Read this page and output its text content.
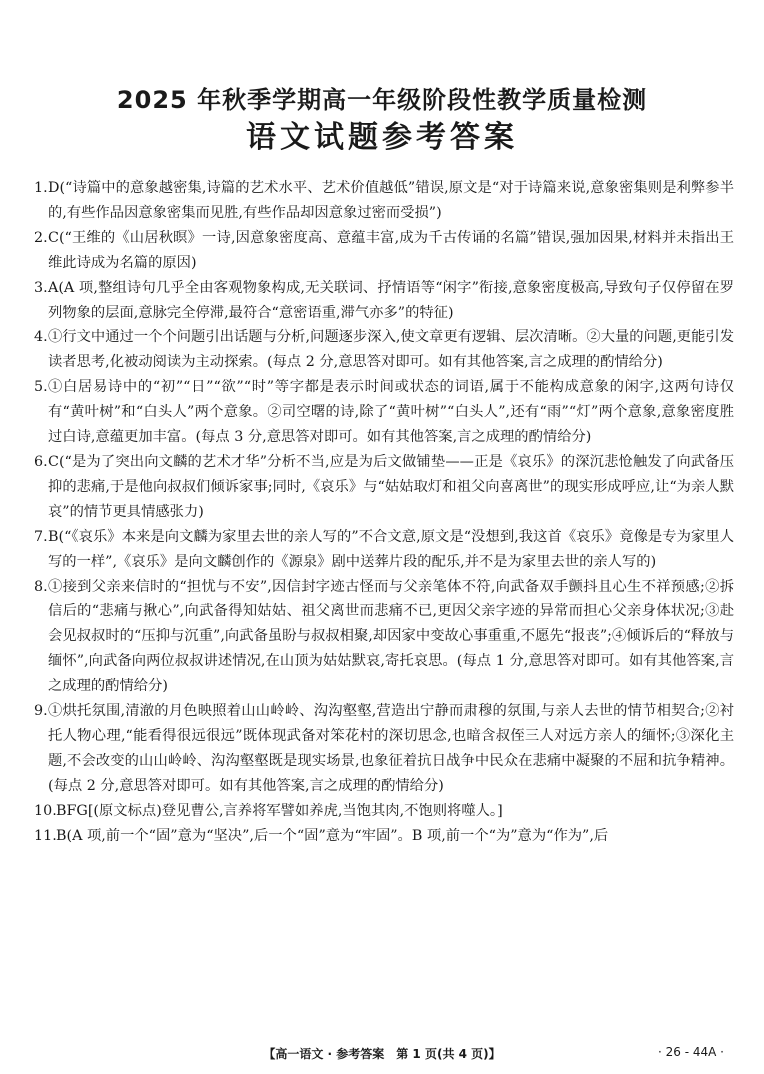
2025 年秋季学期高一年级阶段性教学质量检测
语文试题参考答案
1. D(“诗篇中的意象越密集,诗篇的艺术水平、艺术价值越低”错误,原文是“对于诗篇来说,意象密集则是利弊参半的,有些作品因意象密集而见胜,有些作品却因意象过密而受损”)
2. C(“王维的《山居秋暝》一诗,因意象密度高、意蕴丰富,成为千古传诵的名篇”错误,强加因果,材料并未指出王维此诗成为名篇的原因)
3. A(A 项,整组诗句几乎全由客观物象构成,无关联词、抒情语等“闲字”衔接,意象密度极高,导致句子仅停留在罗列物象的层面,意脉完全停滞,最符合“意密语重,滞气亦多”的特征)
4. ①行文中通过一个个问题引出话题与分析,问题逐步深入,使文章更有逻辑、层次清晰。②大量的问题,更能引发读者思考,化被动阅读为主动探索。(每点 2 分,意思答对即可。如有其他答案,言之成理的酌情给分)
5. ①白居易诗中的“初”“日”“欲”“时”等字都是表示时间或状态的词语,属于不能构成意象的闲字,这两句诗仅有“黄叶树”和“白头人”两个意象。②司空曙的诗,除了“黄叶树”“白头人”,还有“雨”“灯”两个意象,意象密度胜过白诗,意蕴更加丰富。(每点 3 分,意思答对即可。如有其他答案,言之成理的酌情给分)
6. C(“是为了突出向文麟的艺术才华”分析不当,应是为后文做铺垫——正是《哀乐》的深沉悲怆触发了向武备压抑的悲痛,于是他向叔叔们倾诉家事;同时,《哀乐》与“姑姑取灯和祖父向喜离世”的现实形成呼应,让“为亲人默哀”的情节更具情感张力)
7. B(“《哀乐》本来是向文麟为家里去世的亲人写的”不合文意,原文是“没想到,我这首《哀乐》竟像是专为家里人写的一样”,《哀乐》是向文麟创作的《源泉》剧中送葬片段的配乐,并不是为家里去世的亲人写的)
8. ①接到父亲来信时的“担忧与不安”,因信封字迹古怪而与父亲笔体不符,向武备双手颤抖且心生不祥预感;②拆信后的“悲痛与揪心”,向武备得知姑姑、祖父离世而悲痛不已,更因父亲字迹的异常而担心父亲身体状况;③赴会见叔叔时的“压抑与沉重”,向武备虽盼与叔叔相聚,却因家中变故心事重重,不愿先“报丧”;④倾诉后的“释放与缅怀”,向武备向两位叔叔讲述情况,在山顶为姑姑默哀,寄托哀思。(每点 1 分,意思答对即可。如有其他答案,言之成理的酌情给分)
9. ①烘托氛围,清澈的月色映照着山山岭岭、沟沟壑壑,营造出宁静而肃穆的氛围,与亲人去世的情节相契合;②衬托人物心理,“能看得很远很远”既体现武备对笨花村的深切思念,也暗含叔侄三人对远方亲人的缅怀;③深化主题,不会改变的山山岭岭、沟沟壑壑既是现实场景,也象征着抗日战争中民众在悲痛中凝聚的不屈和抗争精神。(每点 2 分,意思答对即可。如有其他答案,言之成理的酌情给分)
10. BFG[(原文标点)登见曹公,言养将军譬如养虎,当饱其肉,不饱则将噬人。]
11. B(A 项,前一个“固”意为“坚决”,后一个“固”意为“牢固”。B 项,前一个“为”意为“作为”,后
【高一语文 · 参考答案　第 1 页(共 4 页)】	· 26 - 44A ·
